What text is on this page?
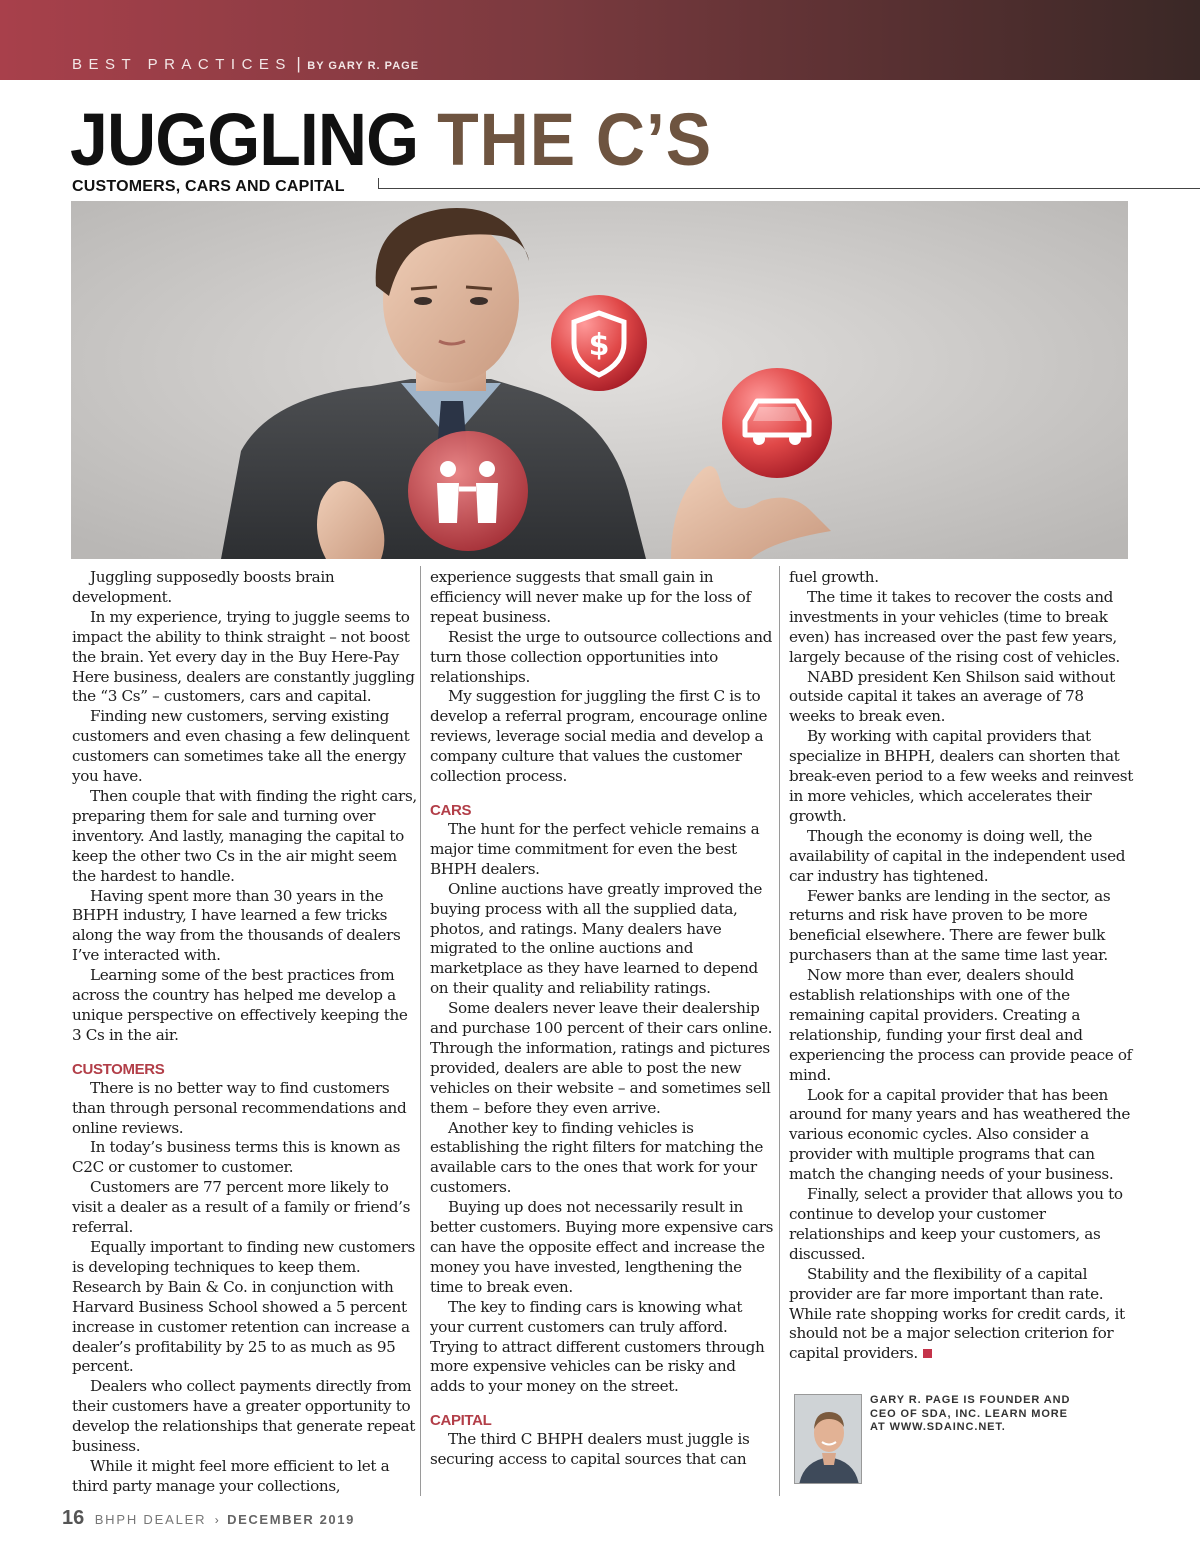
BEST PRACTICES | BY GARY R. PAGE
JUGGLING THE C’S
CUSTOMERS, CARS AND CAPITAL
$

Juggling supposedly boosts brain development.

In my experience, trying to juggle seems to impact the ability to think straight – not boost the brain. Yet every day in the Buy Here-Pay Here business, dealers are constantly juggling the “3 Cs” – customers, cars and capital.

Finding new customers, serving existing customers and even chasing a few delinquent customers can sometimes take all the energy you have.

Then couple that with finding the right cars, preparing them for sale and turning over inventory. And lastly, managing the capital to keep the other two Cs in the air might seem the hardest to handle.

Having spent more than 30 years in the BHPH industry, I have learned a few tricks along the way from the thousands of dealers I’ve interacted with.

Learning some of the best practices from across the country has helped me develop a unique perspective on effectively keeping the 3 Cs in the air.

CUSTOMERS

There is no better way to find customers than through personal recommendations and online reviews.

In today’s business terms this is known as C2C or customer to customer.

Customers are 77 percent more likely to visit a dealer as a result of a family or friend’s referral.

Equally important to finding new customers is developing techniques to keep them. Research by Bain & Co. in conjunction with Harvard Business School showed a 5 percent increase in customer retention can increase a dealer’s profitability by 25 to as much as 95 percent.

Dealers who collect payments directly from their customers have a greater opportunity to develop the relationships that generate repeat business.

While it might feel more efficient to let a third party manage your collections,

experience suggests that small gain in efficiency will never make up for the loss of repeat business.

Resist the urge to outsource collections and turn those collection opportunities into relationships.

My suggestion for juggling the first C is to develop a referral program, encourage online reviews, leverage social media and develop a company culture that values the customer collection process.

CARS

The hunt for the perfect vehicle remains a major time commitment for even the best BHPH dealers.

Online auctions have greatly improved the buying process with all the supplied data, photos, and ratings. Many dealers have migrated to the online auctions and marketplace as they have learned to depend on their quality and reliability ratings.

Some dealers never leave their dealership and purchase 100 percent of their cars online. Through the information, ratings and pictures provided, dealers are able to post the new vehicles on their website – and sometimes sell them – before they even arrive.

Another key to finding vehicles is establishing the right filters for matching the available cars to the ones that work for your customers.

Buying up does not necessarily result in better customers. Buying more expensive cars can have the opposite effect and increase the money you have invested, lengthening the time to break even.

The key to finding cars is knowing what your current customers can truly afford. Trying to attract different customers through more expensive vehicles can be risky and adds to your money on the street.

CAPITAL

The third C BHPH dealers must juggle is securing access to capital sources that can

fuel growth.

The time it takes to recover the costs and investments in your vehicles (time to break even) has increased over the past few years, largely because of the rising cost of vehicles.

NABD president Ken Shilson said without outside capital it takes an average of 78 weeks to break even.

By working with capital providers that specialize in BHPH, dealers can shorten that break-even period to a few weeks and reinvest in more vehicles, which accelerates their growth.

Though the economy is doing well, the availability of capital in the independent used car industry has tightened.

Fewer banks are lending in the sector, as returns and risk have proven to be more beneficial elsewhere. There are fewer bulk purchasers than at the same time last year.

Now more than ever, dealers should establish relationships with one of the remaining capital providers. Creating a relationship, funding your first deal and experiencing the process can provide peace of mind.

Look for a capital provider that has been around for many years and has weathered the various economic cycles. Also consider a provider with multiple programs that can match the changing needs of your business.

Finally, select a provider that allows you to continue to develop your customer relationships and keep your customers, as discussed.

Stability and the flexibility of a capital provider are far more important than rate. While rate shopping works for credit cards, it should not be a major selection criterion for capital providers.

GARY R. PAGE IS FOUNDER AND CEO OF SDA, INC. LEARN MORE AT WWW.SDAINC.NET.
16 BHPH DEALER › DECEMBER 2019
